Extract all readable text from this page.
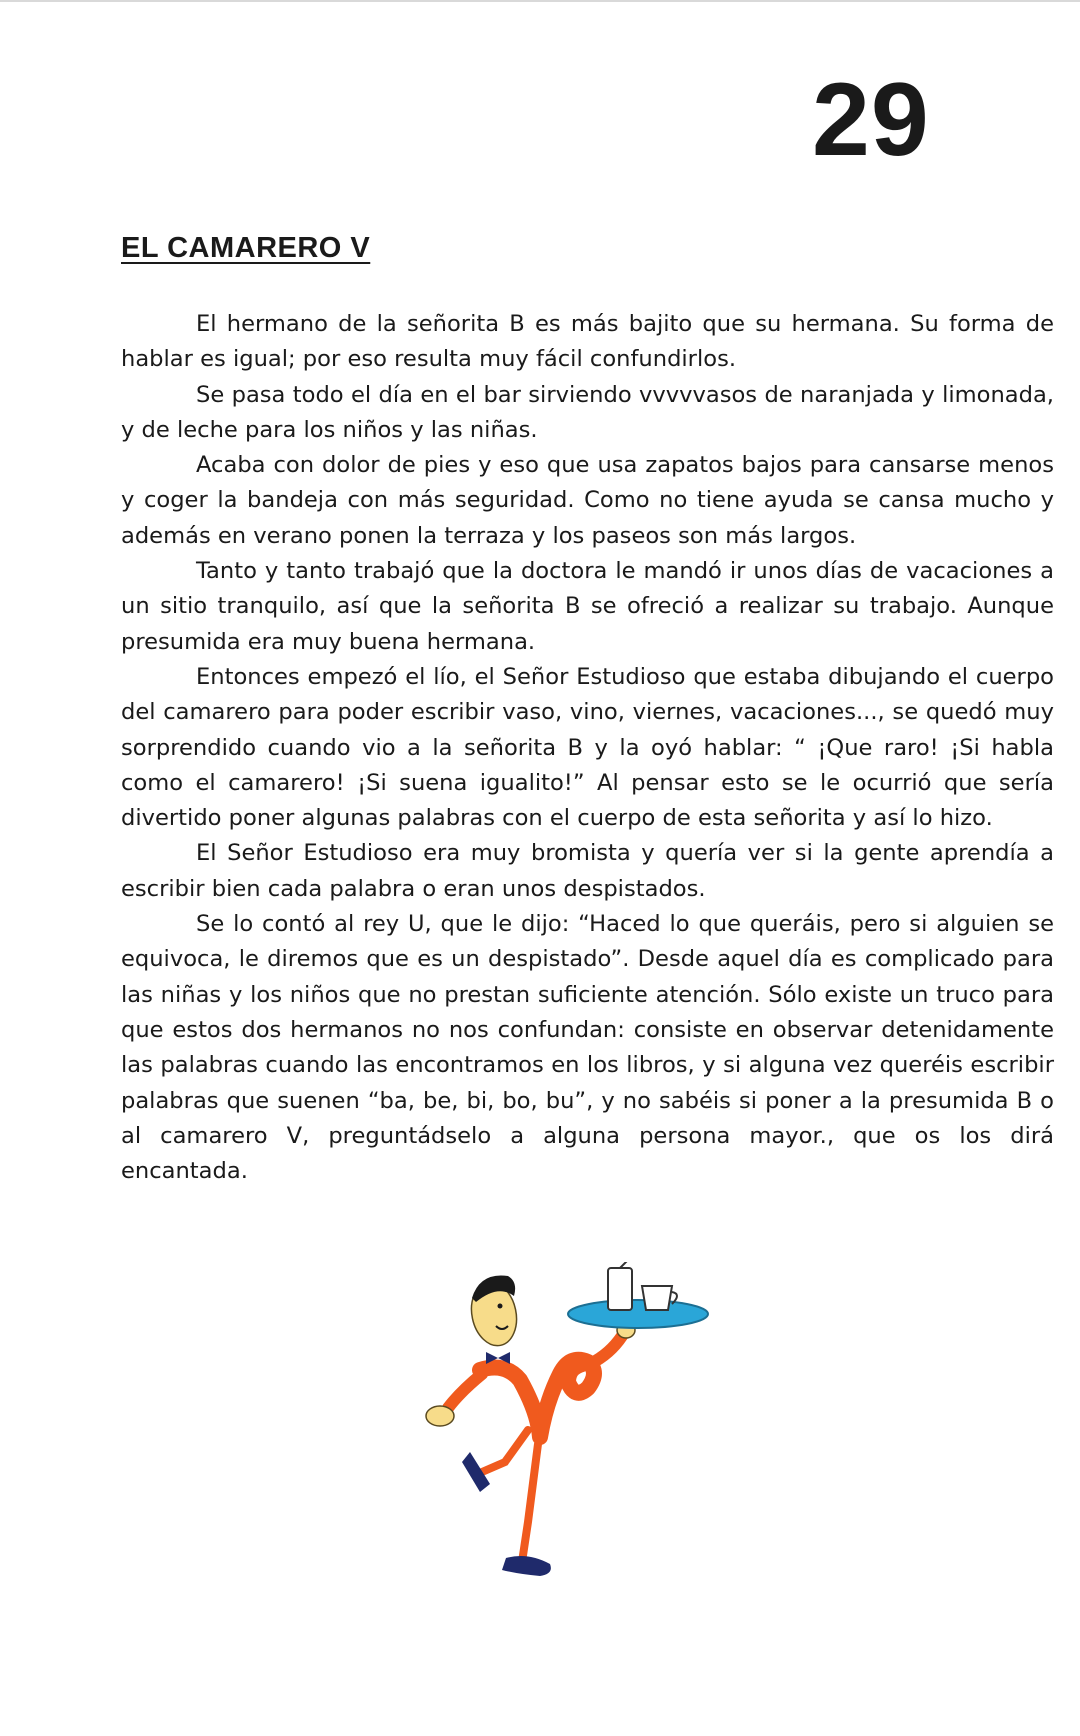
29
EL CAMARERO V

El hermano de la señorita B es más bajito que su hermana. Su forma de hablar es igual; por eso resulta muy fácil confundirlos.

Se pasa todo el día en el bar sirviendo vvvvvasos de naranjada y limonada, y de leche para los niños y las niñas.

Acaba con dolor de pies y eso que usa zapatos bajos para cansarse menos y coger la bandeja con más seguridad. Como no tiene ayuda se cansa mucho y además en verano ponen la terraza y los paseos son más largos.

Tanto y tanto trabajó que la doctora le mandó ir unos días de vacaciones a un sitio tranquilo, así que la señorita B se ofreció a realizar su trabajo. Aunque presumida era muy buena hermana.

Entonces empezó el lío, el Señor Estudioso que estaba dibujando el cuerpo del camarero para poder escribir vaso, vino, viernes, vacaciones..., se quedó muy sorprendido cuando vio a la señorita B y la oyó hablar: “ ¡Que raro! ¡Si habla como el camarero! ¡Si suena igualito!” Al pensar esto se le ocurrió que sería divertido poner algunas palabras con el cuerpo de esta señorita y así lo hizo.

El Señor Estudioso era muy bromista y quería ver si la gente aprendía a escribir bien cada palabra o eran unos despistados.

Se lo contó al rey U, que le dijo: “Haced lo que queráis, pero si alguien se equivoca, le diremos que es un despistado”. Desde aquel día es complicado para las niñas y los niños que no prestan suficiente atención. Sólo existe un truco para que estos dos hermanos no nos confundan: consiste en observar detenidamente las palabras cuando las encontramos en los libros, y si alguna vez queréis escribir palabras que suenen “ba, be, bi, bo, bu”, y no sabéis si poner a la presumida B o al camarero V, preguntádselo a alguna persona mayor., que os los dirá encantada.
